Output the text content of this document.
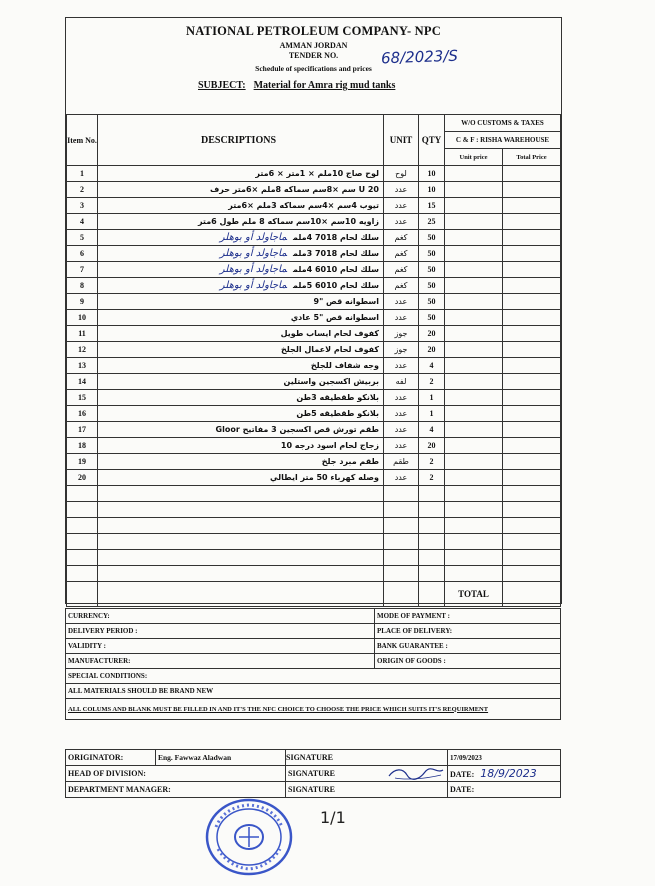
NATIONAL PETROLEUM COMPANY- NPC
AMMAN JORDAN
TENDER NO.	68/2023/S
Schedule of specifications and prices
SUBJECT: Material for Amra rig mud tanks
Item No.	DESCRIPTIONS	UNIT	QTY	W/O CUSTOMS & TAXES	
				C & F : RISHA WAREHOUSE	
				Unit price	Total Price
1	لوح صاج 10ملم × 1متر × 6متر	لوح	10		
2	20 U سم ×8سم سماكه 8ملم ×6متر حرف	عدد	10		
3	تيوب 4سم ×4سم سماكه 3ملم ×6متر	عدد	15		
4	زاويه 10سم ×10سم سماكه 8 ملم طول 6متر	عدد	25		
5	سلك لحام 7018 4ملمماجاولد أو بوهلر	كغم	50		
6	سلك لحام 7018 3ملمماجاولد أو بوهلر	كغم	50		
7	سلك لحام 6010 4ملمماجاولد أو بوهلر	كغم	50		
8	سلك لحام 6010 5ملمماجاولد أو بوهلر	كغم	50		
9	اسطوانه قص "9	عدد	50		
10	اسطوانه قص "5 عادي	عدد	50		
11	كفوف لحام ايساب طويل	جوز	20		
12	كفوف لحام لاعمال الجلخ	جوز	20		
13	وجه شفاف للجلخ	عدد	4		
14	بربيش اكسجين واستلين	لفه	2		
15	بلانكو طقطيقه 3طن	عدد	1		
16	بلانكو طقطيقه 5طن	عدد	1		
17	طقم تورش قص اكسجين 3 مفاتيح Gloor	عدد	4		
18	زجاج لحام اسود درجه 10	عدد	20		
19	طقم مبرد جلخ	طقم	2		
20	وصله كهرباء 50 متر ايطالي	عدد	2		

				TOTAL	
CURRENCY:	MODE OF PAYMENT :
DELIVERY PERIOD :	PLACE OF DELIVERY:
VALIDITY :	BANK GUARANTEE :
MANUFACTURER:	ORIGIN OF GOODS :
SPECIAL CONDITIONS:	
ALL MATERIALS SHOULD BE BRAND NEW	
ALL COLUMS AND BLANK MUST BE FILLED IN AND IT'S THE NFC CHOICE TO CHOOSE THE PRICE WHICH SUITS IT'S REQUIRMENT	
ORIGINATOR:	Eng. Fawwaz Aladwan	SIGNATURE	17/09/2023
HEAD OF DIVISION:		SIGNATURE	DATE: 18/9/2023
DEPARTMENT MANAGER:		SIGNATURE	DATE:
1/1
